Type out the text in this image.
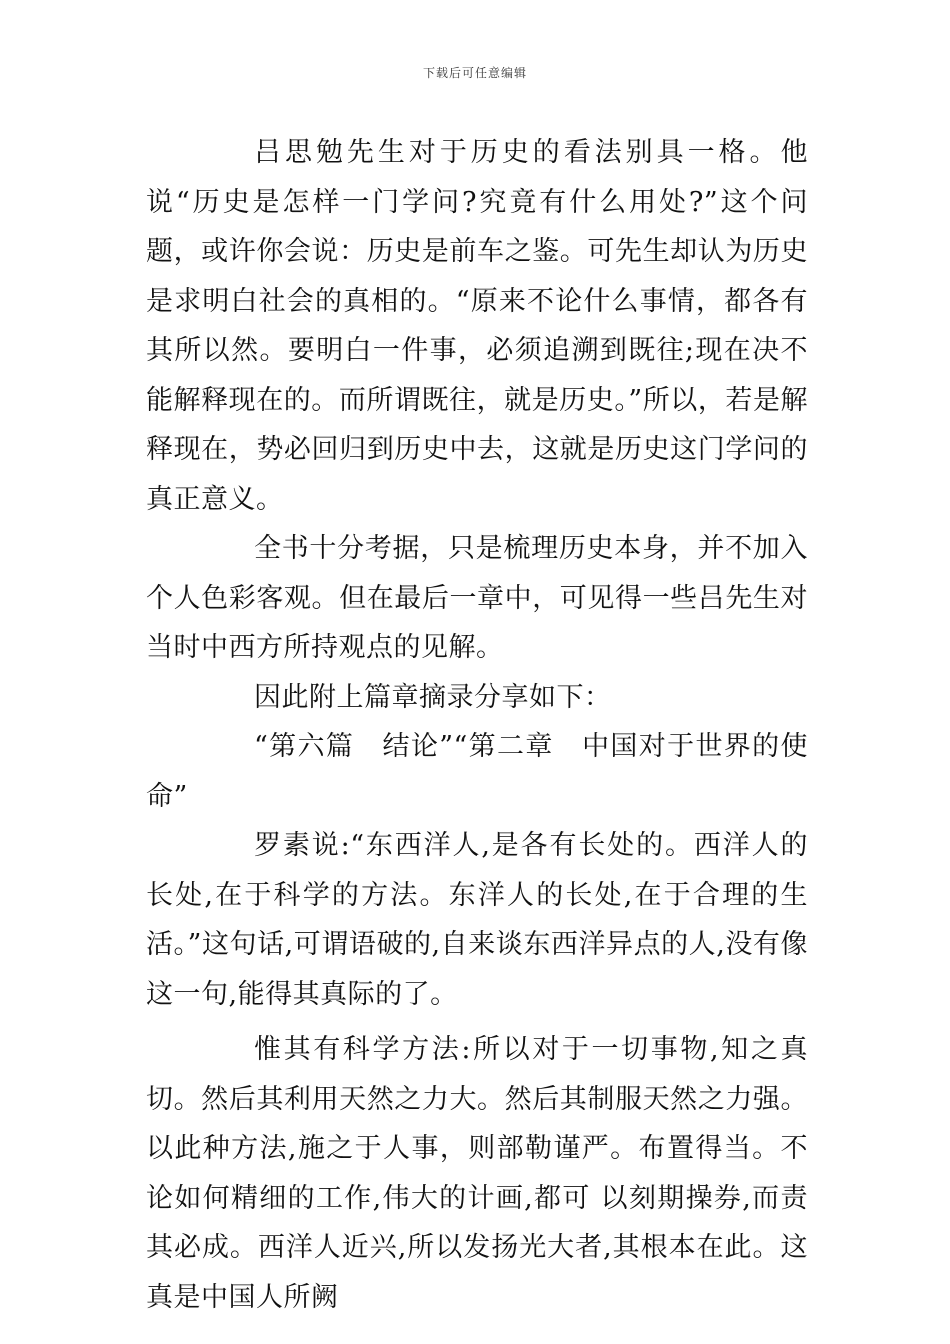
下载后可任意编辑

吕思勉先生对于历史的看法别具一格。他说“历史是怎样一门学问?究竟有什么用处?”这个问题，或许你会说：历史是前车之鉴。可先生却认为历史是求明白社会的真相的。“原来不论什么事情，都各有其所以然。要明白一件事，必须追溯到既往;现在决不能解释现在的。而所谓既往，就是历史。”所以，若是解释现在，势必回归到历史中去，这就是历史这门学问的真正意义。

全书十分考据，只是梳理历史本身，并不加入个人色彩客观。但在最后一章中，可见得一些吕先生对当时中西方所持观点的见解。

因此附上篇章摘录分享如下：

“第六篇　结论”“第二章　中国对于世界的使命”

罗素说:“东西洋人,是各有长处的。西洋人的长处,在于科学的方法。东洋人的长处,在于合理的生活。”这句话,可谓语破的,自来谈东西洋异点的人,没有像这一句,能得其真际的了。

惟其有科学方法:所以对于一切事物,知之真切。然后其利用天然之力大。然后其制服天然之力强。以此种方法,施之于人事，则部勒谨严。布置得当。不论如何精细的工作,伟大的计画,都可 以刻期操券,而责其必成。西洋人近兴,所以发扬光大者,其根本在此。这真是中国人所阙
